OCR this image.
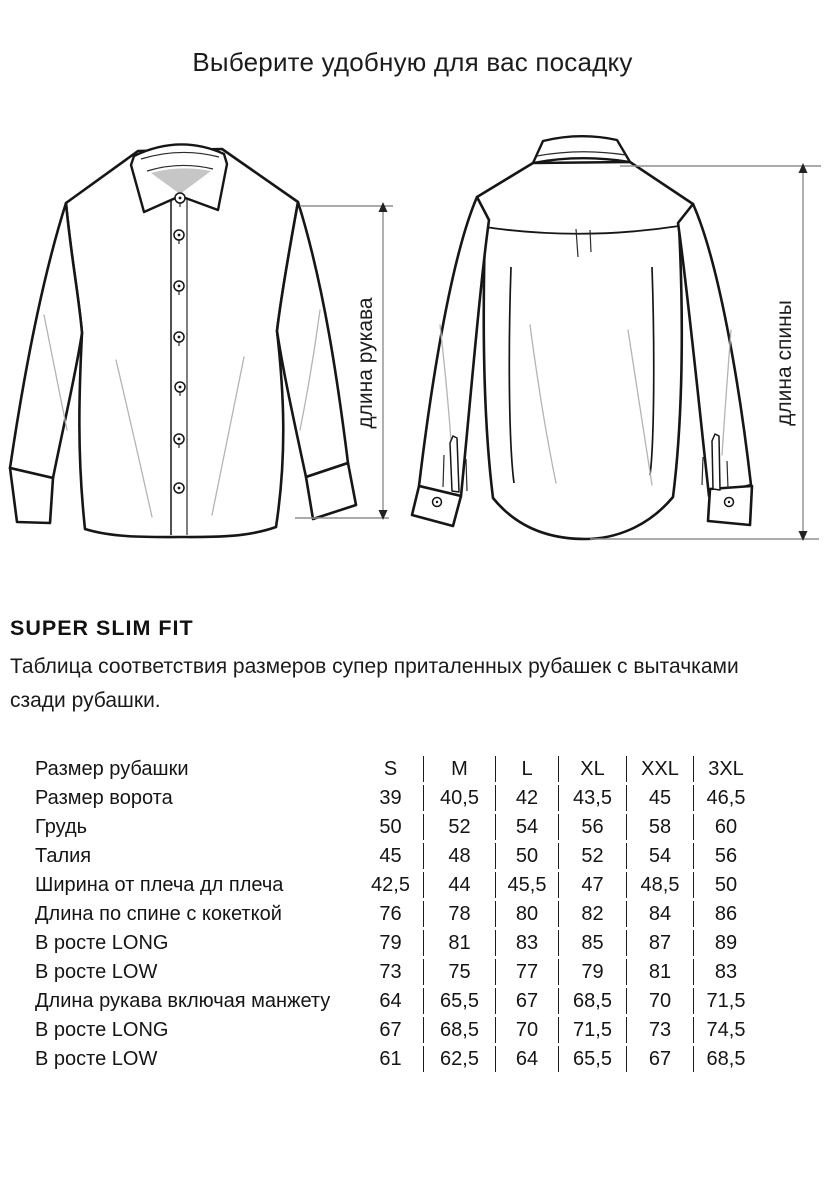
Выберите удобную для вас посадку
длина рукава	длина спины
SUPER SLIM FIT

Таблица соответствия размеров супер приталенных рубашек с вытачками
сзади рубашки.

Размер рубашки	S	M	L	XL	XXL	3XL
Размер ворота	39	40,5	42	43,5	45	46,5
Грудь	50	52	54	56	58	60
Талия	45	48	50	52	54	56
Ширина от плеча дл плеча	42,5	44	45,5	47	48,5	50
Длина по спине с кокеткой	76	78	80	82	84	86
В росте LONG	79	81	83	85	87	89
В росте LOW	73	75	77	79	81	83
Длина рукава включая манжету	64	65,5	67	68,5	70	71,5
В росте LONG	67	68,5	70	71,5	73	74,5
В росте LOW	61	62,5	64	65,5	67	68,5
